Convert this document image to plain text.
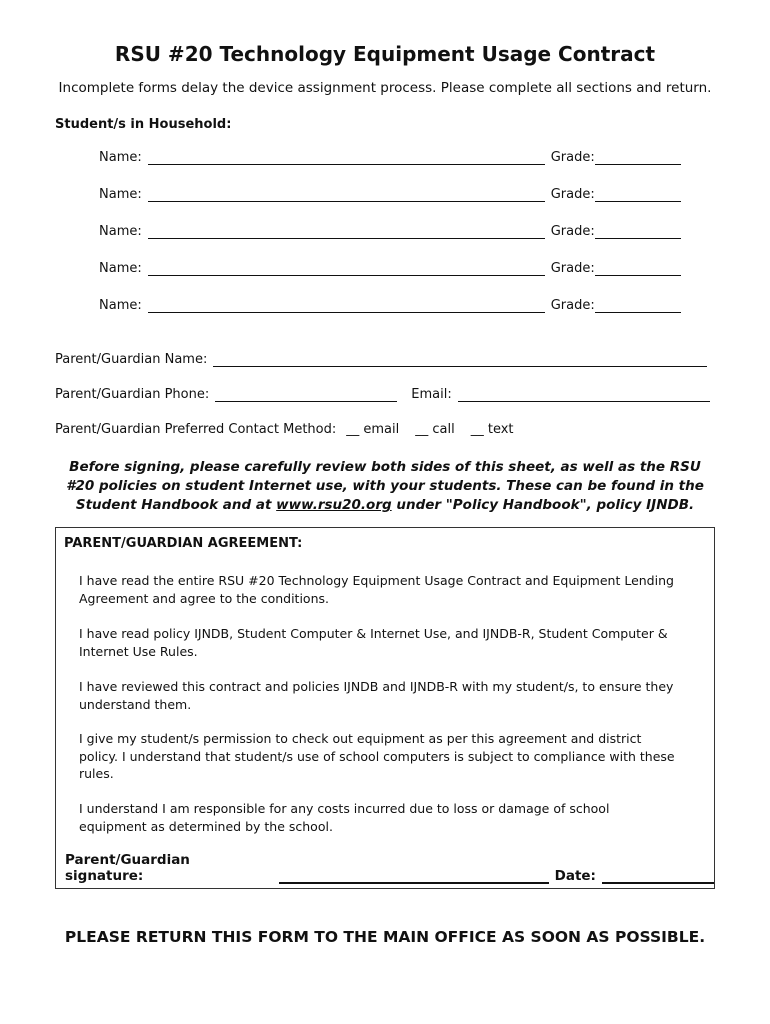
RSU #20 Technology Equipment Usage Contract
Incomplete forms delay the device assignment process. Please complete all sections and return.
Student/s in Household:
Name:	Grade:
Name:	Grade:
Name:	Grade:
Name:	Grade:
Name:	Grade:
Parent/Guardian Name:
Parent/Guardian Phone:	Email:
Parent/Guardian Preferred Contact Method: __ email __ call __ text
Before signing, please carefully review both sides of this sheet, as well as the RSU #20 policies on student Internet use, with your students. These can be found in the Student Handbook and at www.rsu20.org under "Policy Handbook", policy IJNDB.
PARENT/GUARDIAN AGREEMENT:
I have read the entire RSU #20 Technology Equipment Usage Contract and Equipment Lending Agreement and agree to the conditions.
I have read policy IJNDB, Student Computer & Internet Use, and IJNDB-R, Student Computer & Internet Use Rules.
I have reviewed this contract and policies IJNDB and IJNDB-R with my student/s, to ensure they understand them.
I give my student/s permission to check out equipment as per this agreement and district policy. I understand that student/s use of school computers is subject to compliance with these rules.
I understand I am responsible for any costs incurred due to loss or damage of school equipment as determined by the school.
Parent/Guardian signature:	Date:
PLEASE RETURN THIS FORM TO THE MAIN OFFICE AS SOON AS POSSIBLE.
